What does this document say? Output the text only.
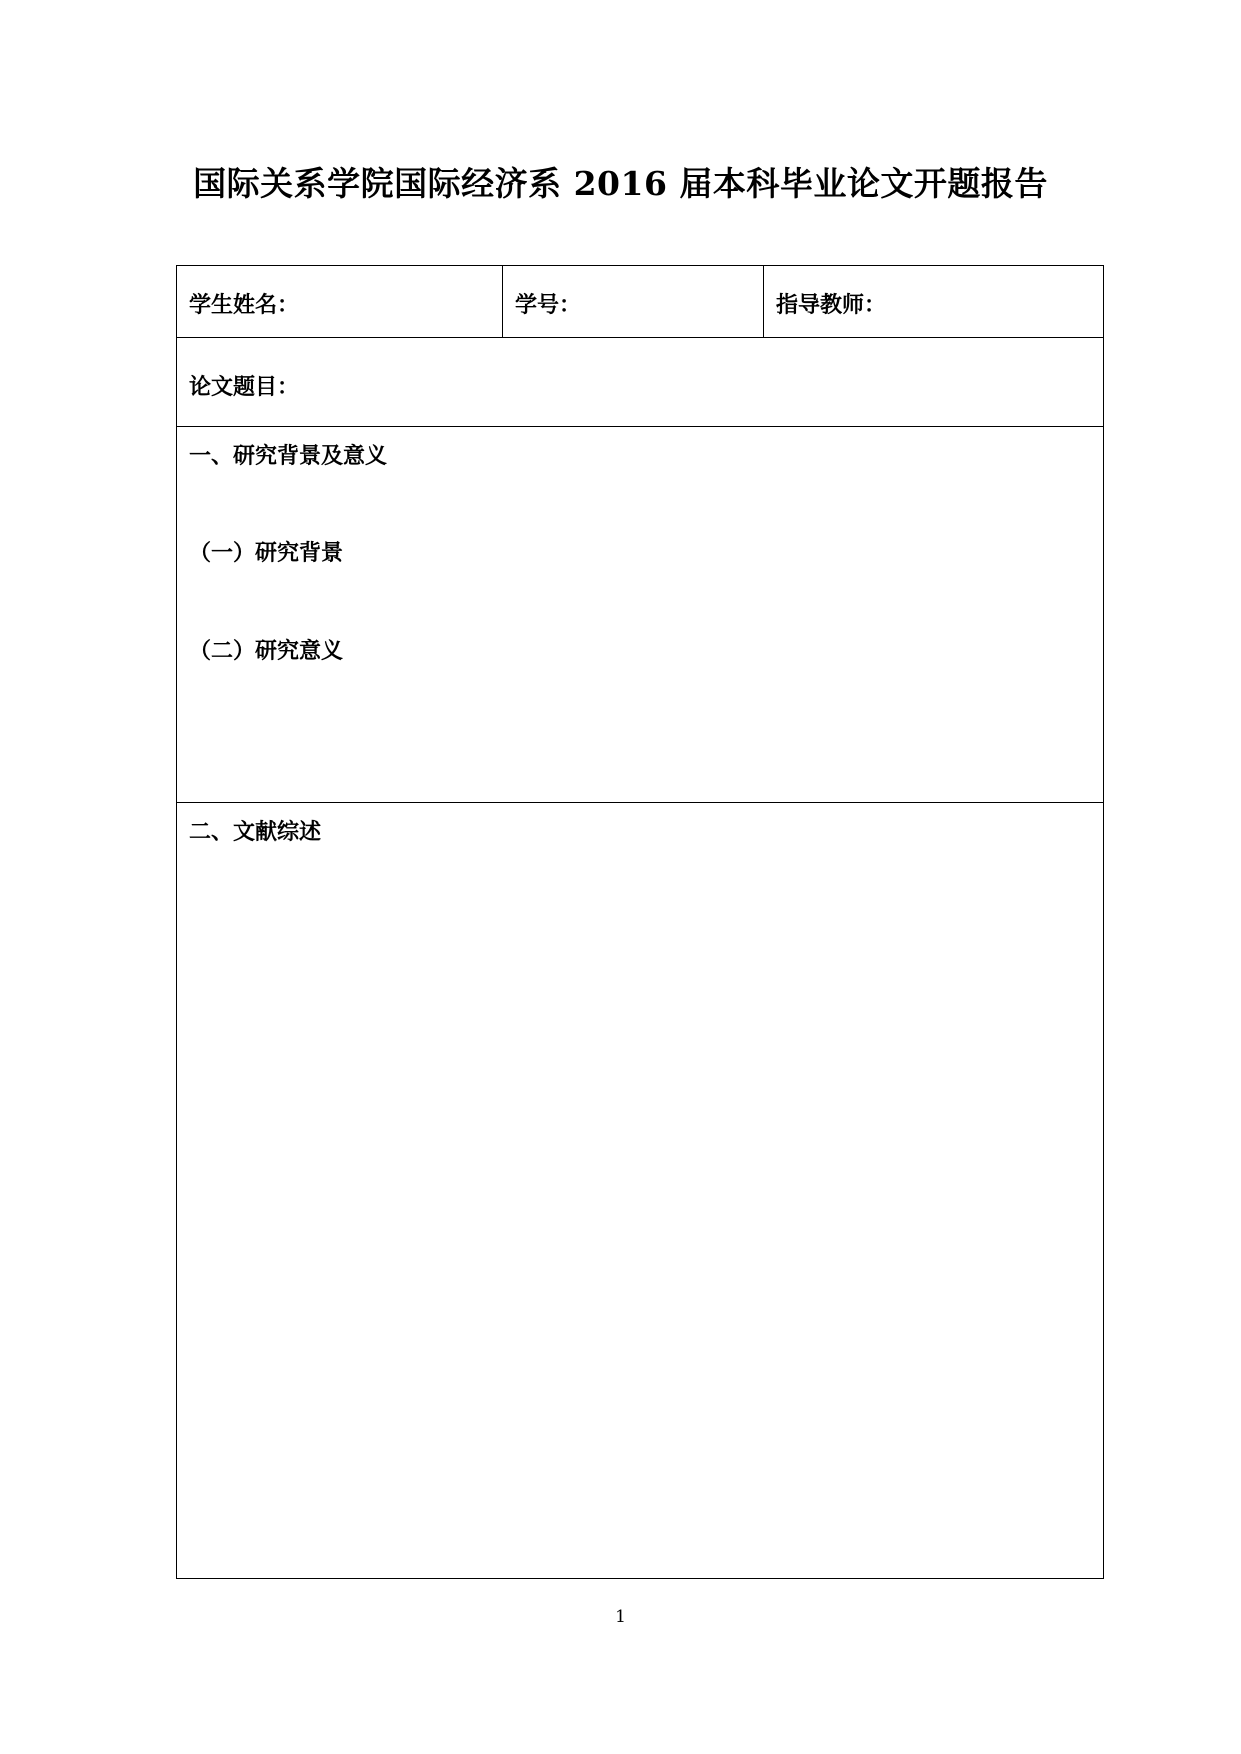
国际关系学院国际经济系 2016 届本科毕业论文开题报告
学生姓名：	学号：	指导教师：
论文题目：
一、研究背景及意义
（一）研究背景
（二）研究意义
二、文献综述
1
